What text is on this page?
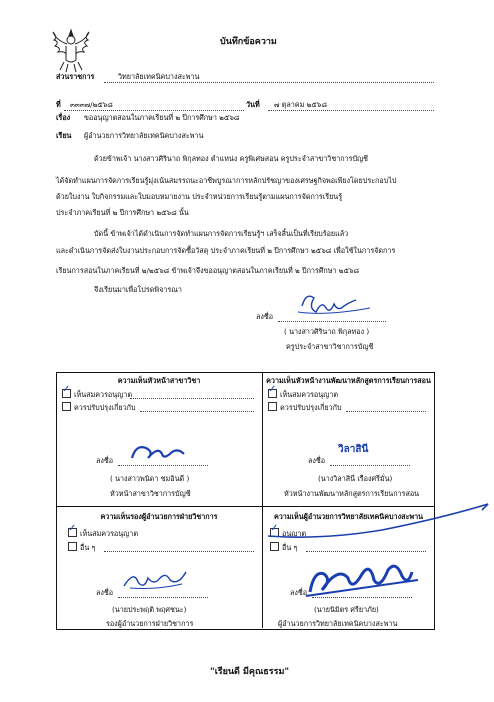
บันทึกข้อความ
ส่วนราชการ	วิทยาลัยเทคนิคบางสะพาน
ที่ ๓๓๓๗/๒๕๖๘	วันที่ ๗ ตุลาคม ๒๕๖๘
เรื่อง ขออนุญาตสอนในภาคเรียนที่ ๒ ปีการศึกษา ๒๕๖๘
เรียน ผู้อำนวยการวิทยาลัยเทคนิคบางสะพาน
ด้วยข้าพเจ้า นางสาวศิรินาถ พิกุลทอง ตำแหน่ง ครูพิเศษสอน ครูประจำสาขาวิชาการบัญชี
ได้จัดทำแผนการจัดการเรียนรู้มุ่งเน้นสมรรถนะอาชีพบูรณาการหลักปรัชญาของเศรษฐกิจพอเพียงโดยประกอบไป
ด้วยใบงาน ใบกิจกรรมและใบมอบหมายงาน ประจำหน่วยการเรียนรู้ตามแผนการจัดการเรียนรู้
ประจำภาคเรียนที่ ๒ ปีการศึกษา ๒๕๖๘ นั้น
บัดนี้ ข้าพเจ้าได้ดำเนินการจัดทำแผนการจัดการเรียนรู้ฯ เสร็จสิ้นเป็นที่เรียบร้อยแล้ว
และดำเนินการจัดส่งใบงานประกอบการจัดซื้อวัสดุ ประจำภาคเรียนที่ ๒ ปีการศึกษา ๒๕๖๘ เพื่อใช้ในการจัดการ
เรียนการสอนในภาคเรียนที่ ๒/๒๕๖๘ ข้าพเจ้าจึงขออนุญาตสอนในภาคเรียนที่ ๒ ปีการศึกษา ๒๕๖๘
จึงเรียนมาเพื่อโปรดพิจารณา
ลงชื่อ
( นางสาวศิรินาถ พิกุลทอง )
ครูประจำสาขาวิชาการบัญชี
ความเห็นหัวหน้าสาขาวิชา
✓ เห็นสมควรอนุญาต
ควรปรับปรุงเกี่ยวกับ
ลงชื่อ
( นางสาวพนิดา ชมอินดี )
หัวหน้าสาขาวิชาการบัญชี
ความเห็นหัวหน้างานพัฒนาหลักสูตรการเรียนการสอน
✓ เห็นสมควรอนุญาต
ควรปรับปรุงเกี่ยวกับ
วิลาสินี
ลงชื่อ
(นางวิลาสินี เรืองศรีมั่น)
หัวหน้างานพัฒนาหลักสูตรการเรียนการสอน
ความเห็นรองผู้อำนวยการฝ่ายวิชาการ
✓ เห็นสมควรอนุญาต
อื่น ๆ
ลงชื่อ
(นายประพฤติ พฤศชนะ)
รองผู้อำนวยการฝ่ายวิชาการ
ความเห็นผู้อำนวยการวิทยาลัยเทคนิคบางสะพาน
✓ อนุญาต
อื่น ๆ
ลงชื่อ
(นายนิมิตร ศรียาภัย)
ผู้อำนวยการวิทยาลัยเทคนิคบางสะพาน
"เรียนดี มีคุณธรรม"
